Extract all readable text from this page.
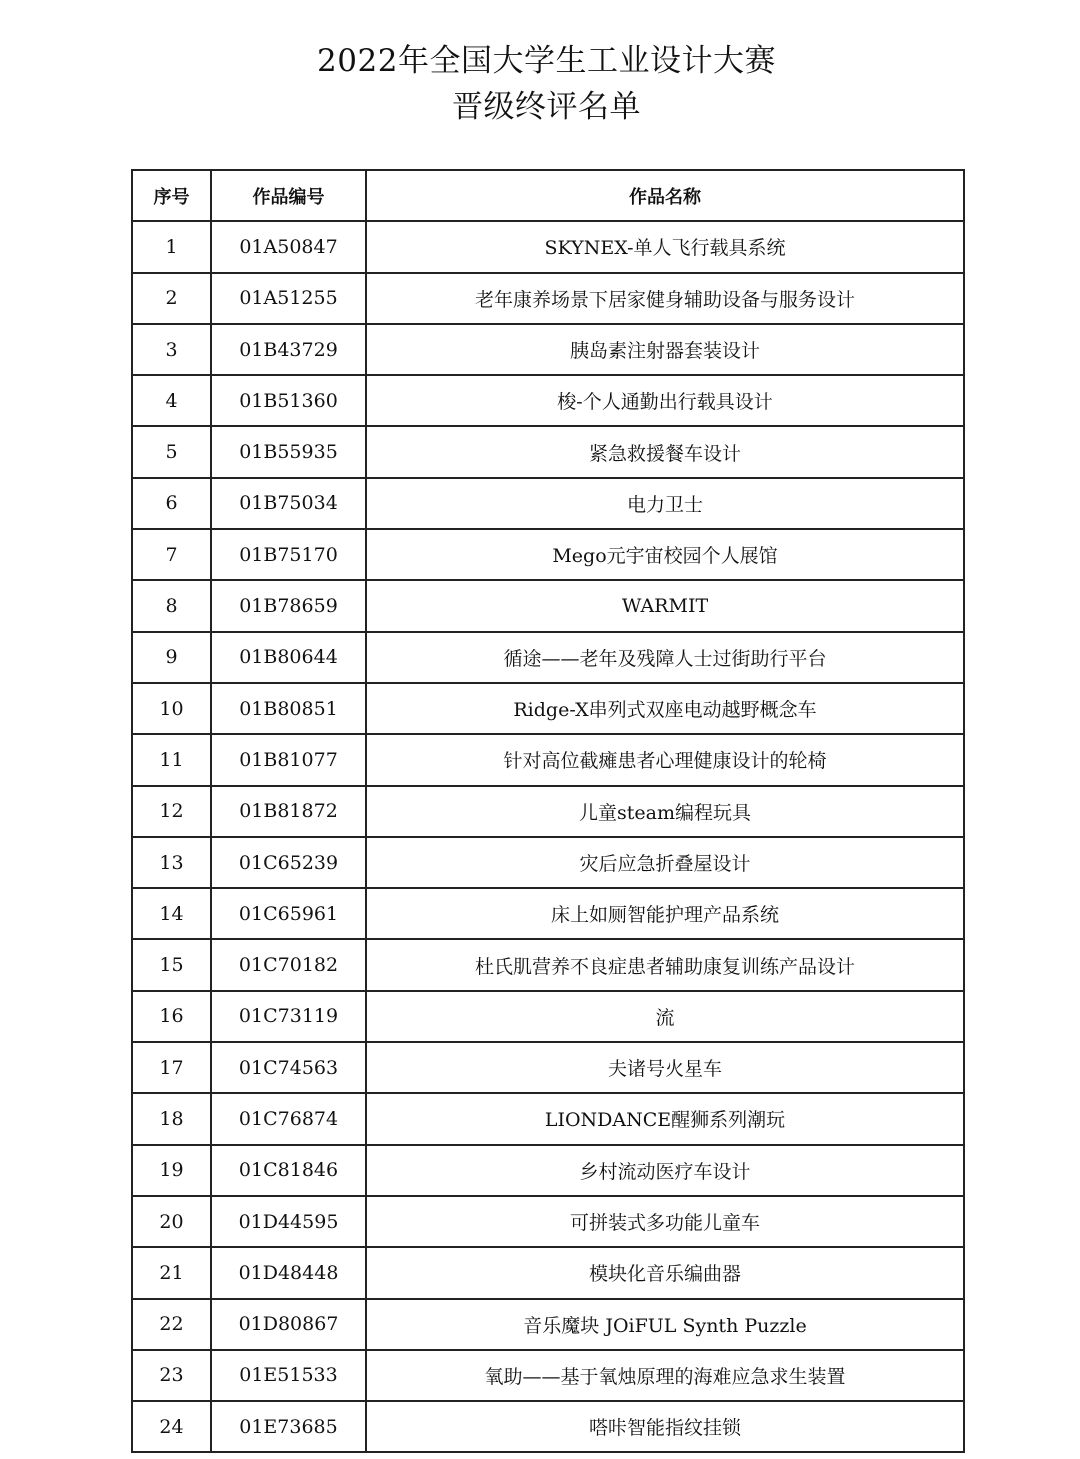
2022年全国大学生工业设计大赛
晋级终评名单
序号	作品编号	作品名称
1	01A50847	SKYNEX-单人飞行载具系统
2	01A51255	老年康养场景下居家健身辅助设备与服务设计
3	01B43729	胰岛素注射器套装设计
4	01B51360	梭-个人通勤出行载具设计
5	01B55935	紧急救援餐车设计
6	01B75034	电力卫士
7	01B75170	Mego元宇宙校园个人展馆
8	01B78659	WARMIT
9	01B80644	循途——老年及残障人士过街助行平台
10	01B80851	Ridge-X串列式双座电动越野概念车
11	01B81077	针对高位截瘫患者心理健康设计的轮椅
12	01B81872	儿童steam编程玩具
13	01C65239	灾后应急折叠屋设计
14	01C65961	床上如厕智能护理产品系统
15	01C70182	杜氏肌营养不良症患者辅助康复训练产品设计
16	01C73119	流
17	01C74563	夫诸号火星车
18	01C76874	LIONDANCE醒狮系列潮玩
19	01C81846	乡村流动医疗车设计
20	01D44595	可拼装式多功能儿童车
21	01D48448	模块化音乐编曲器
22	01D80867	音乐魔块 JOiFUL Synth Puzzle
23	01E51533	氧助——基于氧烛原理的海难应急求生装置
24	01E73685	嗒咔智能指纹挂锁
